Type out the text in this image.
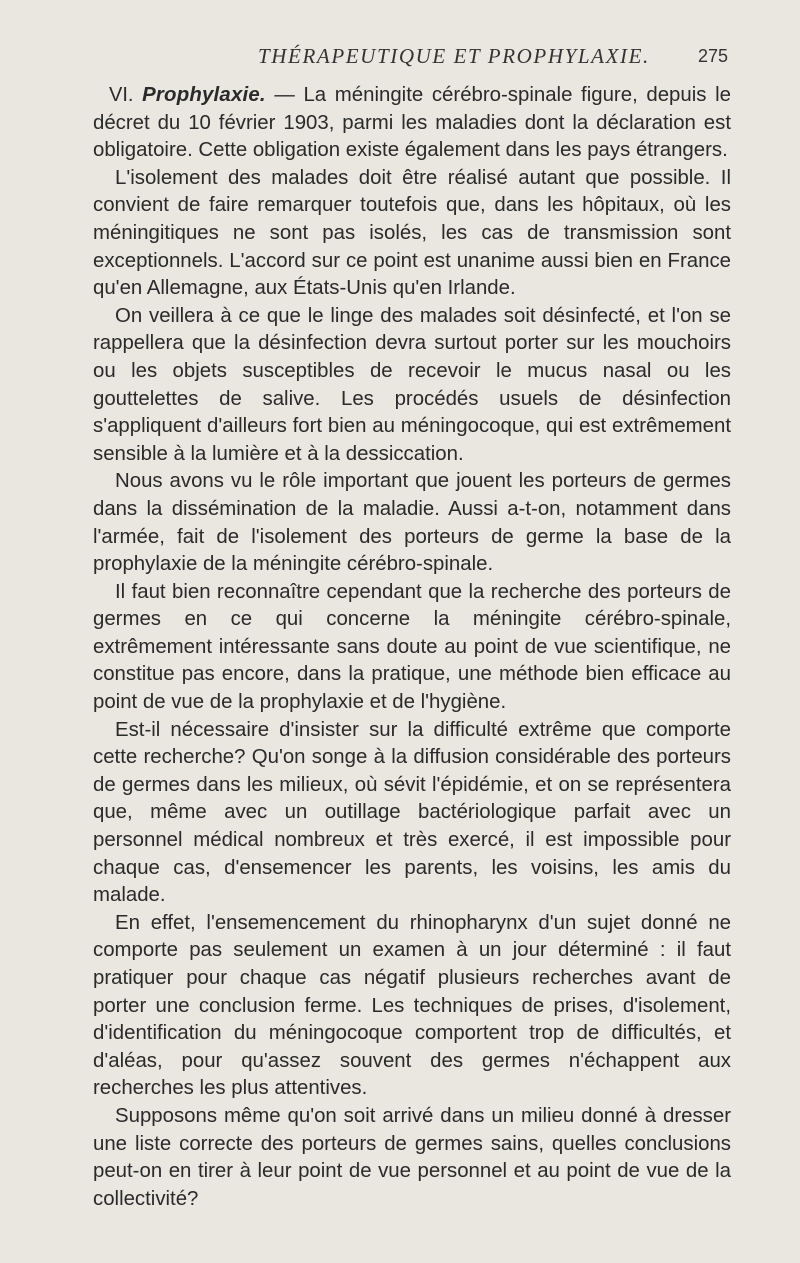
THÉRAPEUTIQUE ET PROPHYLAXIE.	275

VI. Prophylaxie. — La méningite cérébro-spinale figure, depuis le décret du 10 février 1903, parmi les maladies dont la déclaration est obligatoire. Cette obligation existe également dans les pays étrangers.

L'isolement des malades doit être réalisé autant que possible. Il convient de faire remarquer toutefois que, dans les hôpitaux, où les méningitiques ne sont pas isolés, les cas de transmission sont exceptionnels. L'accord sur ce point est unanime aussi bien en France qu'en Allemagne, aux États-Unis qu'en Irlande.

On veillera à ce que le linge des malades soit désinfecté, et l'on se rappellera que la désinfection devra surtout porter sur les mouchoirs ou les objets susceptibles de recevoir le mucus nasal ou les gouttelettes de salive. Les procédés usuels de désinfection s'appliquent d'ailleurs fort bien au méningocoque, qui est extrêmement sensible à la lumière et à la dessiccation.

Nous avons vu le rôle important que jouent les porteurs de germes dans la dissémination de la maladie. Aussi a-t-on, notamment dans l'armée, fait de l'isolement des porteurs de germe la base de la prophylaxie de la méningite cérébro-spinale.

Il faut bien reconnaître cependant que la recherche des porteurs de germes en ce qui concerne la méningite cérébro-spinale, extrêmement intéressante sans doute au point de vue scientifique, ne constitue pas encore, dans la pratique, une méthode bien efficace au point de vue de la prophylaxie et de l'hygiène.

Est-il nécessaire d'insister sur la difficulté extrême que comporte cette recherche? Qu'on songe à la diffusion considérable des porteurs de germes dans les milieux, où sévit l'épidémie, et on se représentera que, même avec un outillage bactériologique parfait avec un personnel médical nombreux et très exercé, il est impossible pour chaque cas, d'ensemencer les parents, les voisins, les amis du malade.

En effet, l'ensemencement du rhinopharynx d'un sujet donné ne comporte pas seulement un examen à un jour déterminé : il faut pratiquer pour chaque cas négatif plusieurs recherches avant de porter une conclusion ferme. Les techniques de prises, d'isolement, d'identification du méningocoque comportent trop de difficultés, et d'aléas, pour qu'assez souvent des germes n'échappent aux recherches les plus attentives.

Supposons même qu'on soit arrivé dans un milieu donné à dresser une liste correcte des porteurs de germes sains, quelles conclusions peut-on en tirer à leur point de vue personnel et au point de vue de la collectivité?
